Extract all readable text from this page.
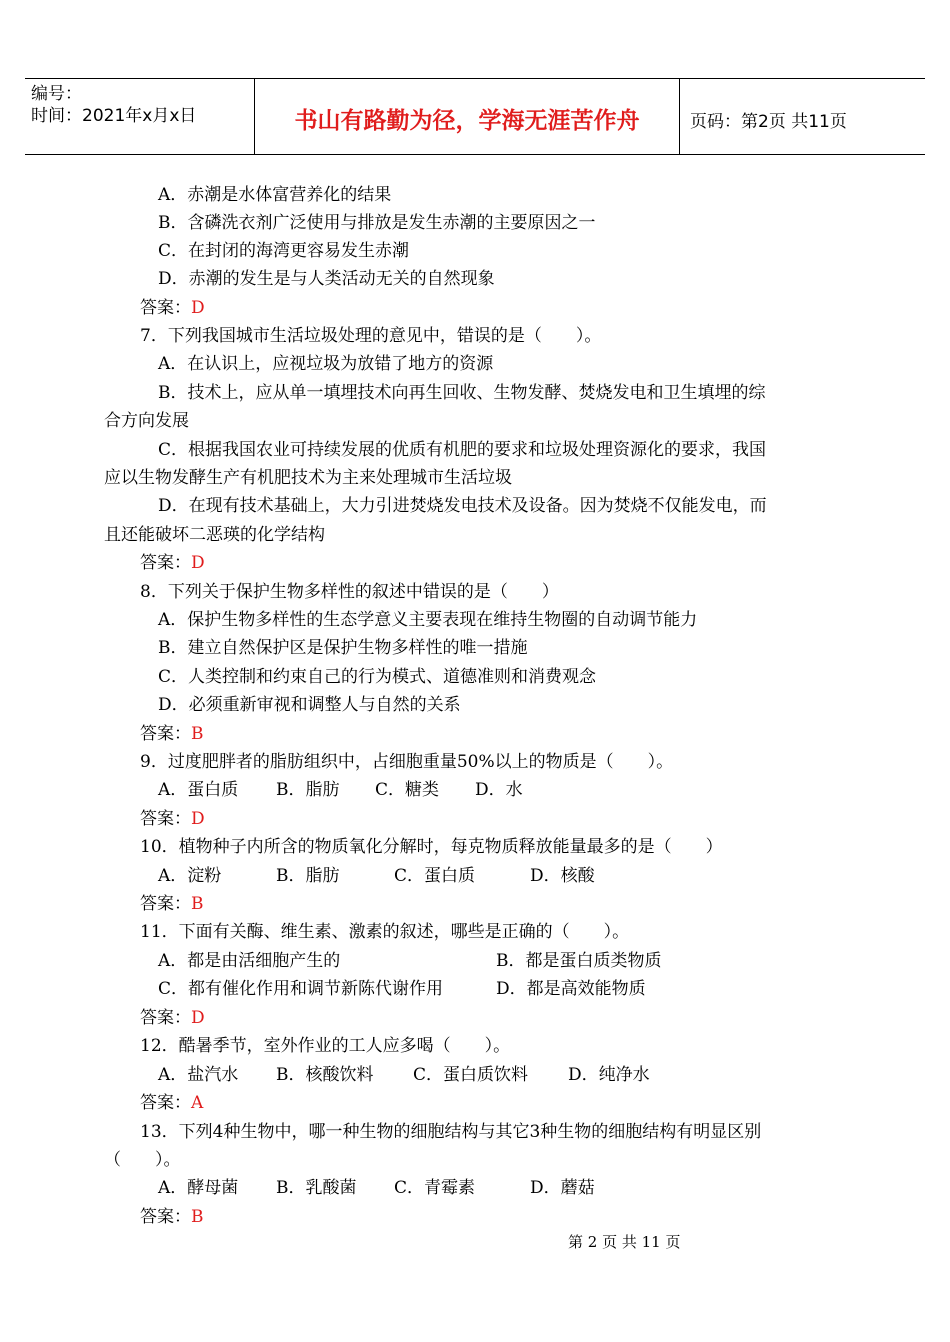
编号：
时间：2021年x月x日	书山有路勤为径，学海无涯苦作舟	页码：第2页 共11页
A．赤潮是水体富营养化的结果
B．含磷洗衣剂广泛使用与排放是发生赤潮的主要原因之一
C．在封闭的海湾更容易发生赤潮
D．赤潮的发生是与人类活动无关的自然现象
答案：D
7．下列我国城市生活垃圾处理的意见中，错误的是（　　）。
A．在认识上，应视垃圾为放错了地方的资源
B．技术上，应从单一填埋技术向再生回收、生物发酵、焚烧发电和卫生填埋的综
合方向发展
C．根据我国农业可持续发展的优质有机肥的要求和垃圾处理资源化的要求，我国
应以生物发酵生产有机肥技术为主来处理城市生活垃圾
D．在现有技术基础上，大力引进焚烧发电技术及设备。因为焚烧不仅能发电，而
且还能破坏二恶瑛的化学结构
答案：D
8．下列关于保护生物多样性的叙述中错误的是（　　）
A．保护生物多样性的生态学意义主要表现在维持生物圈的自动调节能力
B．建立自然保护区是保护生物多样性的唯一措施
C．人类控制和约束自己的行为模式、道德准则和消费观念
D．必须重新审视和调整人与自然的关系
答案：B
9．过度肥胖者的脂肪组织中，占细胞重量50%以上的物质是（　　）。
A．蛋白质 B．脂肪 C．糖类 D．水
答案：D
10．植物种子内所含的物质氧化分解时，每克物质释放能量最多的是（　　）
A．淀粉	B．脂肪	C．蛋白质	D．核酸
答案：B
11．下面有关酶、维生素、激素的叙述，哪些是正确的（　　）。
A．都是由活细胞产生的	B．都是蛋白质类物质
C．都有催化作用和调节新陈代谢作用	D．都是高效能物质
答案：D
12．酷暑季节，室外作业的工人应多喝（　　）。
A．盐汽水 B．核酸饮料 C．蛋白质饮料 D．纯净水
答案：A
13．下列4种生物中，哪一种生物的细胞结构与其它3种生物的细胞结构有明显区别
（　　）。
A．酵母菌 B．乳酸菌 C．青霉素	D．蘑菇
答案：B
第 2 页 共 11 页
